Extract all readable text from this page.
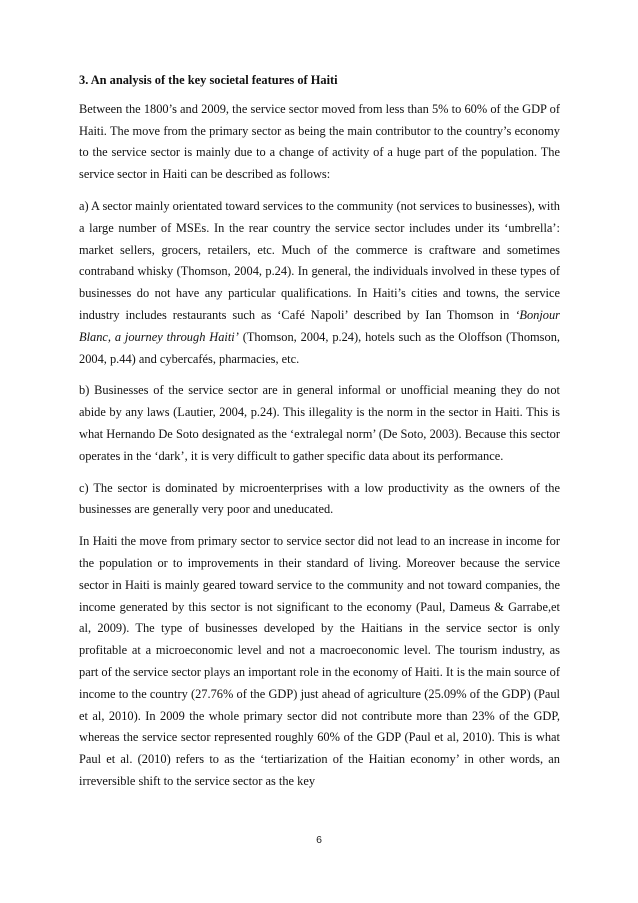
3. An analysis of the key societal features of Haiti

Between the 1800’s and 2009, the service sector moved from less than 5% to 60% of the GDP of Haiti. The move from the primary sector as being the main contributor to the country’s economy to the service sector is mainly due to a change of activity of a huge part of the population. The service sector in Haiti can be described as follows:

a) A sector mainly orientated toward services to the community (not services to businesses), with a large number of MSEs. In the rear country the service sector includes under its ‘umbrella’: market sellers, grocers, retailers, etc. Much of the commerce is craftware and sometimes contraband whisky (Thomson, 2004, p.24). In general, the individuals involved in these types of businesses do not have any particular qualifications. In Haiti’s cities and towns, the service industry includes restaurants such as ‘Café Napoli’ described by Ian Thomson in ‘Bonjour Blanc, a journey through Haiti’ (Thomson, 2004, p.24), hotels such as the Oloffson (Thomson, 2004, p.44) and cybercafés, pharmacies, etc.

b) Businesses of the service sector are in general informal or unofficial meaning they do not abide by any laws (Lautier, 2004, p.24). This illegality is the norm in the sector in Haiti. This is what Hernando De Soto designated as the ‘extralegal norm’ (De Soto, 2003). Because this sector operates in the ‘dark’, it is very difficult to gather specific data about its performance.

c) The sector is dominated by microenterprises with a low productivity as the owners of the businesses are generally very poor and uneducated.

In Haiti the move from primary sector to service sector did not lead to an increase in income for the population or to improvements in their standard of living. Moreover because the service sector in Haiti is mainly geared toward service to the community and not toward companies, the income generated by this sector is not significant to the economy (Paul, Dameus & Garrabe,et al, 2009). The type of businesses developed by the Haitians in the service sector is only profitable at a microeconomic level and not a macroeconomic level. The tourism industry, as part of the service sector plays an important role in the economy of Haiti. It is the main source of income to the country (27.76% of the GDP) just ahead of agriculture (25.09% of the GDP) (Paul et al, 2010). In 2009 the whole primary sector did not contribute more than 23% of the GDP, whereas the service sector represented roughly 60% of the GDP (Paul et al, 2010). This is what Paul et al. (2010) refers to as the ‘tertiarization of the Haitian economy’ in other words, an irreversible shift to the service sector as the key

6
